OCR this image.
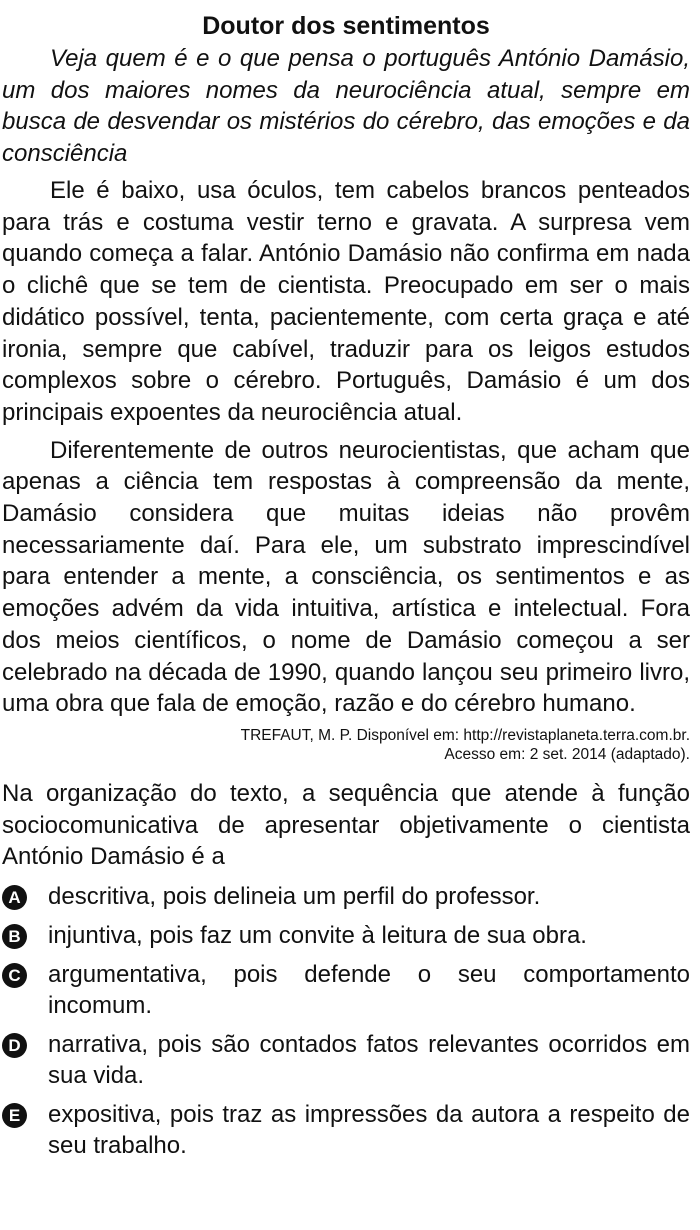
Doutor dos sentimentos

Veja quem é e o que pensa o português António Damásio, um dos maiores nomes da neurociência atual, sempre em busca de desvendar os mistérios do cérebro, das emoções e da consciência

Ele é baixo, usa óculos, tem cabelos brancos penteados para trás e costuma vestir terno e gravata. A surpresa vem quando começa a falar. António Damásio não confirma em nada o clichê que se tem de cientista. Preocupado em ser o mais didático possível, tenta, pacientemente, com certa graça e até ironia, sempre que cabível, traduzir para os leigos estudos complexos sobre o cérebro. Português, Damásio é um dos principais expoentes da neurociência atual.

Diferentemente de outros neurocientistas, que acham que apenas a ciência tem respostas à compreensão da mente, Damásio considera que muitas ideias não provêm necessariamente daí. Para ele, um substrato imprescindível para entender a mente, a consciência, os sentimentos e as emoções advém da vida intuitiva, artística e intelectual. Fora dos meios científicos, o nome de Damásio começou a ser celebrado na década de 1990, quando lançou seu primeiro livro, uma obra que fala de emoção, razão e do cérebro humano.

TREFAUT, M. P. Disponível em: http://revistaplaneta.terra.com.br.
Acesso em: 2 set. 2014 (adaptado).

Na organização do texto, a sequência que atende à função sociocomunicativa de apresentar objetivamente o cientista António Damásio é a

A descritiva, pois delineia um perfil do professor.
B injuntiva, pois faz um convite à leitura de sua obra.
C argumentativa, pois defende o seu comportamento incomum.
D narrativa, pois são contados fatos relevantes ocorridos em sua vida.
E expositiva, pois traz as impressões da autora a respeito de seu trabalho.
